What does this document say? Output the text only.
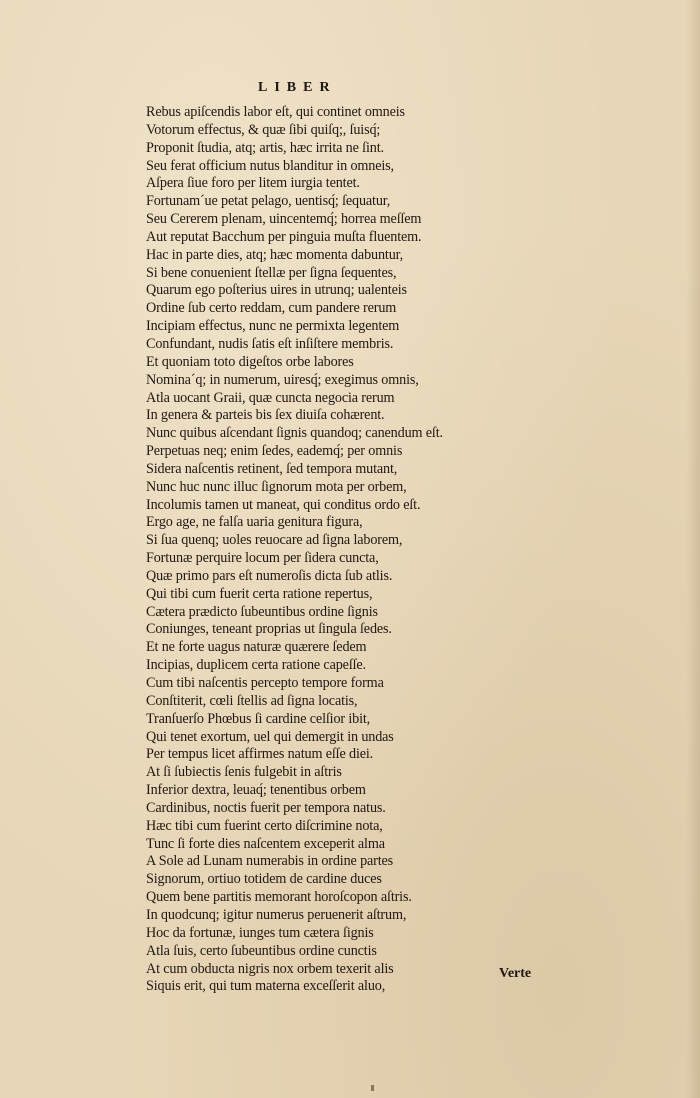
LIBER
Rebus apiſcendis labor eſt, qui continet omneis
Votorum effectus, & quæ ſibi quiſq;, ſuisq́;
Proponit ſtudia, atq; artis, hæc irrita ne ſint.
Seu ferat officium nutus blanditur in omneis,
Aſpera ſiue foro per litem iurgia tentet.
Fortunam´ue petat pelago, uentisq́; ſequatur,
Seu Cererem plenam, uincentemq́; horrea meſſem
Aut reputat Bacchum per pinguia muſta fluentem.
Hac in parte dies, atq; hæc momenta dabuntur,
Si bene conuenient ſtellæ per ſigna ſequentes,
Quarum ego poſterius uires in utrunq; ualenteis
Ordine ſub certo reddam, cum pandere rerum
Incipiam effectus, nunc ne permixta legentem
Confundant, nudis ſatis eſt inſiſtere membris.
Et quoniam toto digeſtos orbe labores
Nomina´q; in numerum, uiresq́; exegimus omnis,
Atla uocant Graii, quæ cuncta negocia rerum
In genera & parteis bis ſex diuiſa cohærent.
Nunc quibus aſcendant ſignis quandoq; canendum eſt.
Perpetuas neq; enim ſedes, eademq́; per omnis
Sidera naſcentis retinent, ſed tempora mutant,
Nunc huc nunc illuc ſignorum mota per orbem,
Incolumis tamen ut maneat, qui conditus ordo eſt.
Ergo age, ne falſa uaria genitura figura,
Si ſua quenq; uoles reuocare ad ſigna laborem,
Fortunæ perquire locum per ſidera cuncta,
Quæ primo pars eſt numeroſis dicta ſub atlis.
Qui tibi cum fuerit certa ratione repertus,
Cætera prædicto ſubeuntibus ordine ſignis
Coniunges, teneant proprias ut ſingula ſedes.
Et ne forte uagus naturæ quærere ſedem
Incipias, duplicem certa ratione capeſſe.
Cum tibi naſcentis percepto tempore forma
Conſtiterit, cœli ſtellis ad ſigna locatis,
Tranſuerſo Phœbus ſi cardine celſior ibit,
Qui tenet exortum, uel qui demergit in undas
Per tempus licet affirmes natum eſſe diei.
At ſi ſubiectis ſenis fulgebit in aſtris
Inferior dextra, leuaq́; tenentibus orbem
Cardinibus, noctis fuerit per tempora natus.
Hæc tibi cum fuerint certo diſcrimine nota,
Tunc ſi forte dies naſcentem exceperit alma
A Sole ad Lunam numerabis in ordine partes
Signorum, ortiuo totidem de cardine duces
Quem bene partitis memorant horoſcopon aſtris.
In quodcunq; igitur numerus peruenerit aſtrum,
Hoc da fortunæ, iunges tum cætera ſignis
Atla ſuis, certo ſubeuntibus ordine cunctis
At cum obducta nigris nox orbem texerit alis
Siquis erit, qui tum materna exceſſerit aluo,
Verte
